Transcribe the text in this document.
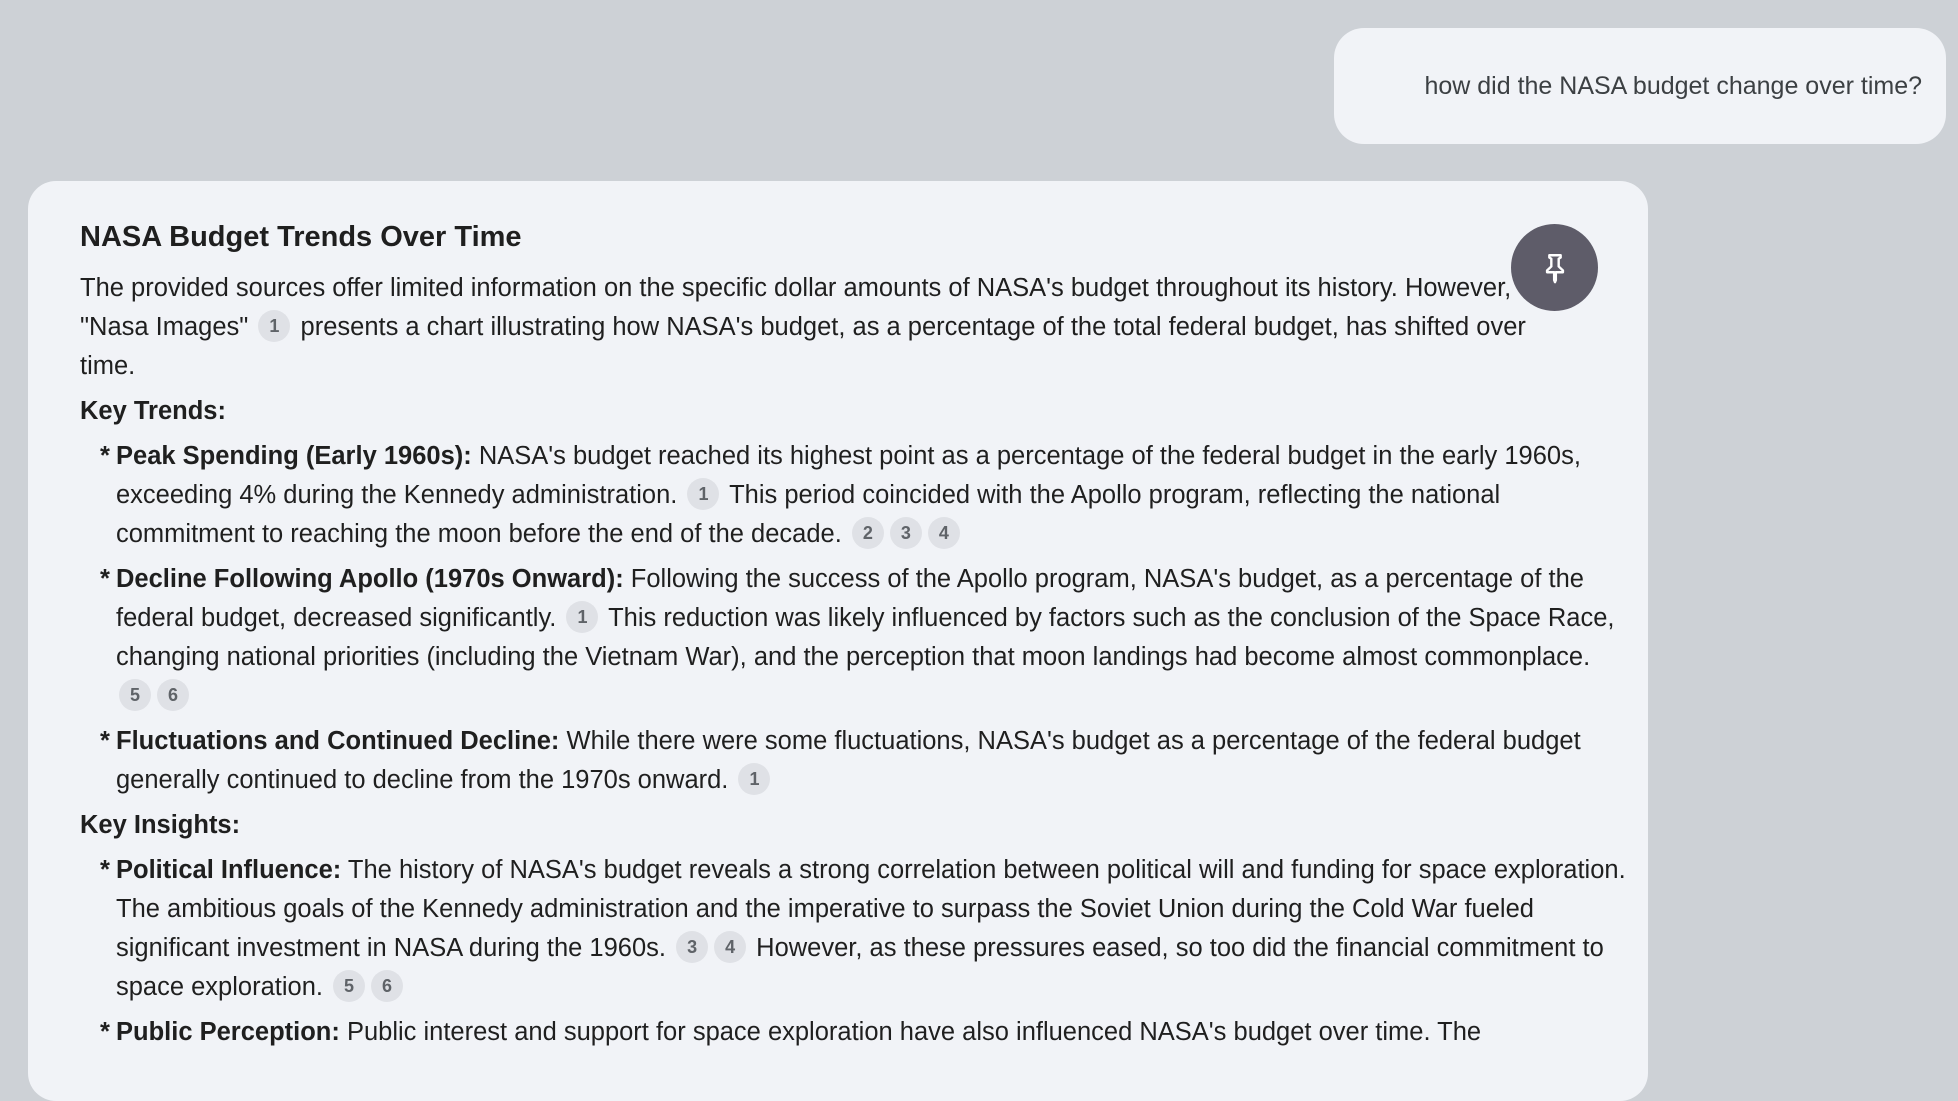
how did the NASA budget change over time?
NASA Budget Trends Over Time

The provided sources offer limited information on the specific dollar amounts of NASA's budget throughout its history. However, "Nasa Images" 1 presents a chart illustrating how NASA's budget, as a percentage of the total federal budget, has shifted over time.

Key Trends:
* Peak Spending (Early 1960s): NASA's budget reached its highest point as a percentage of the federal budget in the early 1960s, exceeding 4% during the Kennedy administration. 1 This period coincided with the Apollo program, reflecting the national commitment to reaching the moon before the end of the decade. 2 3 4
* Decline Following Apollo (1970s Onward): Following the success of the Apollo program, NASA's budget, as a percentage of the federal budget, decreased significantly. 1 This reduction was likely influenced by factors such as the conclusion of the Space Race, changing national priorities (including the Vietnam War), and the perception that moon landings had become almost commonplace. 5 6
* Fluctuations and Continued Decline: While there were some fluctuations, NASA's budget as a percentage of the federal budget generally continued to decline from the 1970s onward. 1
Key Insights:
* Political Influence: The history of NASA's budget reveals a strong correlation between political will and funding for space exploration. The ambitious goals of the Kennedy administration and the imperative to surpass the Soviet Union during the Cold War fueled significant investment in NASA during the 1960s. 3 4 However, as these pressures eased, so too did the financial commitment to space exploration. 5 6
* Public Perception: Public interest and support for space exploration have also influenced NASA's budget over time. The
